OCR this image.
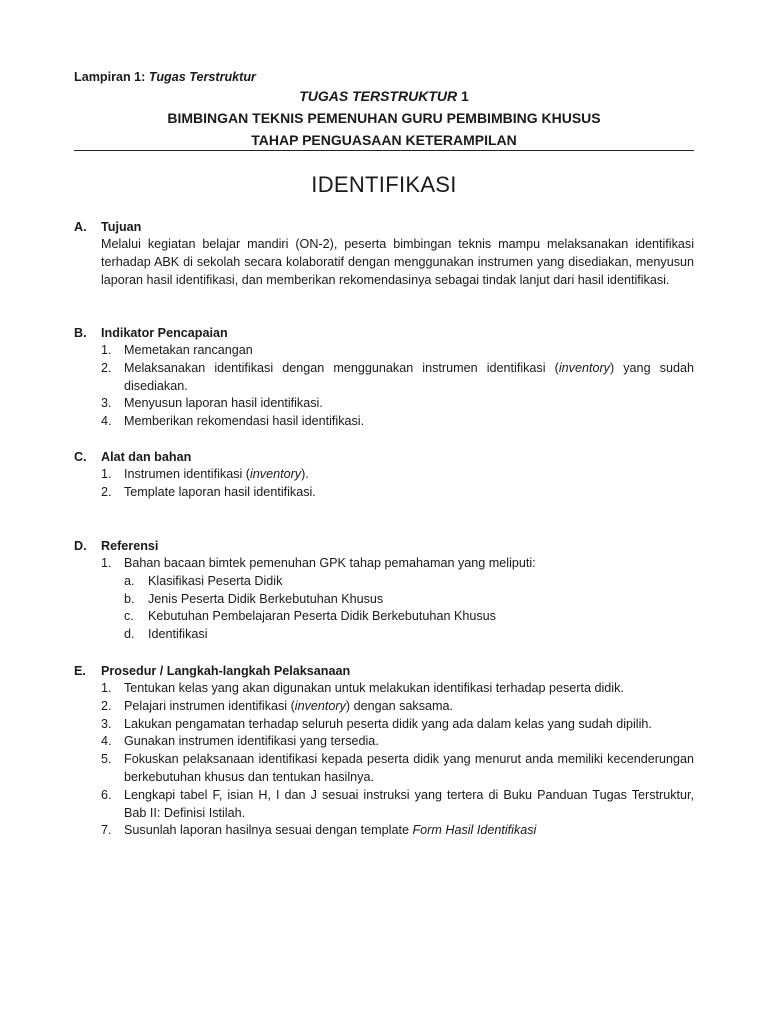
Lampiran 1: Tugas Terstruktur
TUGAS TERSTRUKTUR 1
BIMBINGAN TEKNIS PEMENUHAN GURU PEMBIMBING KHUSUS
TAHAP PENGUASAAN KETERAMPILAN
IDENTIFIKASI
A. Tujuan
Melalui kegiatan belajar mandiri (ON-2), peserta bimbingan teknis mampu melaksanakan identifikasi terhadap ABK di sekolah secara kolaboratif dengan menggunakan instrumen yang disediakan, menyusun laporan hasil identifikasi, dan memberikan rekomendasinya sebagai tindak lanjut dari hasil identifikasi.
B. Indikator Pencapaian
1. Memetakan rancangan
2. Melaksanakan identifikasi dengan menggunakan instrumen identifikasi (inventory) yang sudah disediakan.
3. Menyusun laporan hasil identifikasi.
4. Memberikan rekomendasi hasil identifikasi.
C. Alat dan bahan
1. Instrumen identifikasi (inventory).
2. Template laporan hasil identifikasi.
D. Referensi
1. Bahan bacaan bimtek pemenuhan GPK tahap pemahaman yang meliputi:
a. Klasifikasi Peserta Didik
b. Jenis Peserta Didik Berkebutuhan Khusus
c. Kebutuhan Pembelajaran Peserta Didik Berkebutuhan Khusus
d. Identifikasi
E. Prosedur / Langkah-langkah Pelaksanaan
1. Tentukan kelas yang akan digunakan untuk melakukan identifikasi terhadap peserta didik.
2. Pelajari instrumen identifikasi (inventory) dengan saksama.
3. Lakukan pengamatan terhadap seluruh peserta didik yang ada dalam kelas yang sudah dipilih.
4. Gunakan instrumen identifikasi yang tersedia.
5. Fokuskan pelaksanaan identifikasi kepada peserta didik yang menurut anda memiliki kecenderungan berkebutuhan khusus dan tentukan hasilnya.
6. Lengkapi tabel F, isian H, I dan J sesuai instruksi yang tertera di Buku Panduan Tugas Terstruktur, Bab II: Definisi Istilah.
7. Susunlah laporan hasilnya sesuai dengan template Form Hasil Identifikasi
